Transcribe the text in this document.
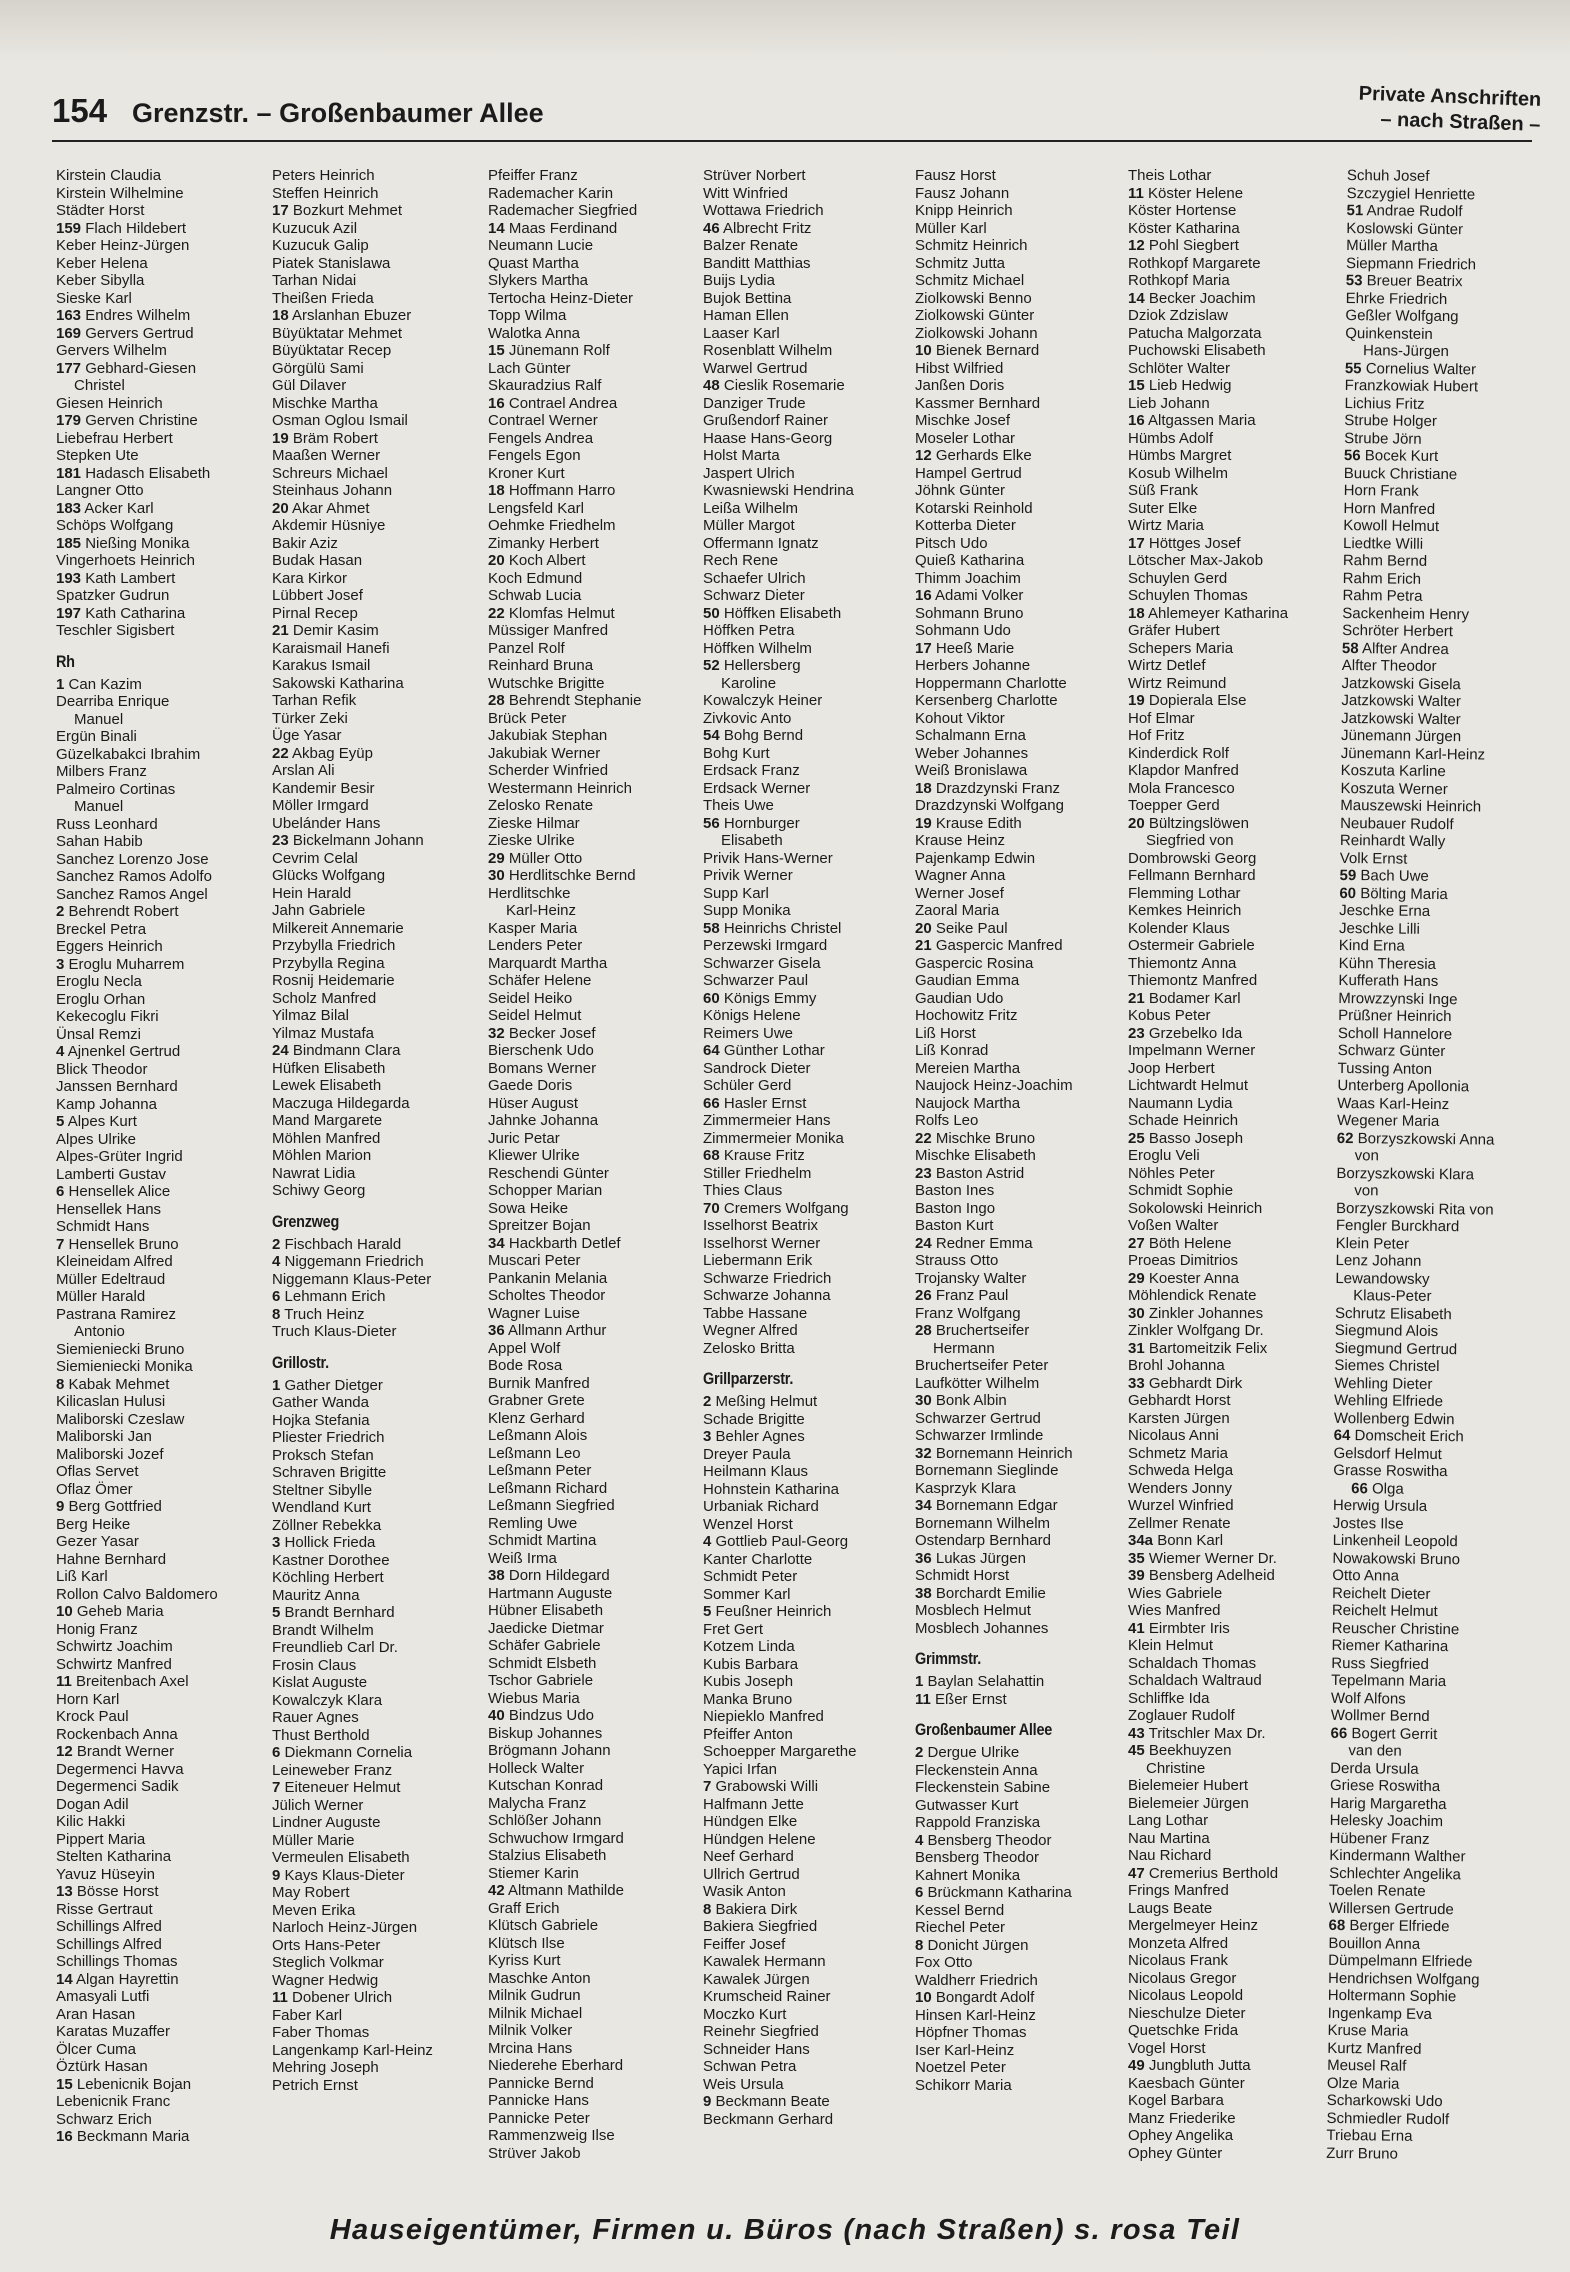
154 Grenzstr. – Großenbaumer Allee
Private Anschriften
– nach Straßen –
Kirstein Claudia
Kirstein Wilhelmine
Städter Horst
159 Flach Hildebert
Keber Heinz-Jürgen
Keber Helena
Keber Sibylla
Sieske Karl
163 Endres Wilhelm
169 Gervers Gertrud
Gervers Wilhelm
177 Gebhard-Giesen
Christel
Giesen Heinrich
179 Gerven Christine
Liebefrau Herbert
Stepken Ute
181 Hadasch Elisabeth
Langner Otto
183 Acker Karl
Schöps Wolfgang
185 Nießing Monika
Vingerhoets Heinrich
193 Kath Lambert
Spatzker Gudrun
197 Kath Catharina
Teschler Sigisbert
Rh
1 Can Kazim
Dearriba Enrique
Manuel
Ergün Binali
Güzelkabakci Ibrahim
Milbers Franz
Palmeiro Cortinas
Manuel
Russ Leonhard
Sahan Habib
Sanchez Lorenzo Jose
Sanchez Ramos Adolfo
Sanchez Ramos Angel
2 Behrendt Robert
Breckel Petra
Eggers Heinrich
3 Eroglu Muharrem
Eroglu Necla
Eroglu Orhan
Kekecoglu Fikri
Ünsal Remzi
4 Ajnenkel Gertrud
Blick Theodor
Janssen Bernhard
Kamp Johanna
5 Alpes Kurt
Alpes Ulrike
Alpes-Grüter Ingrid
Lamberti Gustav
6 Hensellek Alice
Hensellek Hans
Schmidt Hans
7 Hensellek Bruno
Kleineidam Alfred
Müller Edeltraud
Müller Harald
Pastrana Ramirez
Antonio
Siemieniecki Bruno
Siemieniecki Monika
8 Kabak Mehmet
Kilicaslan Hulusi
Maliborski Czeslaw
Maliborski Jan
Maliborski Jozef
Oflas Servet
Oflaz Ömer
9 Berg Gottfried
Berg Heike
Gezer Yasar
Hahne Bernhard
Liß Karl
Rollon Calvo Baldomero
10 Geheb Maria
Honig Franz
Schwirtz Joachim
Schwirtz Manfred
11 Breitenbach Axel
Horn Karl
Krock Paul
Rockenbach Anna
12 Brandt Werner
Degermenci Havva
Degermenci Sadik
Dogan Adil
Kilic Hakki
Pippert Maria
Stelten Katharina
Yavuz Hüseyin
13 Bösse Horst
Risse Gertraut
Schillings Alfred
Schillings Alfred
Schillings Thomas
14 Algan Hayrettin
Amasyali Lutfi
Aran Hasan
Karatas Muzaffer
Ölcer Cuma
Öztürk Hasan
15 Lebenicnik Bojan
Lebenicnik Franc
Schwarz Erich
16 Beckmann Maria
Peters Heinrich
Steffen Heinrich
17 Bozkurt Mehmet
Kuzucuk Azil
Kuzucuk Galip
Piatek Stanislawa
Tarhan Nidai
Theißen Frieda
18 Arslanhan Ebuzer
Büyüktatar Mehmet
Büyüktatar Recep
Görgülü Sami
Gül Dilaver
Mischke Martha
Osman Oglou Ismail
19 Bräm Robert
Maaßen Werner
Schreurs Michael
Steinhaus Johann
20 Akar Ahmet
Akdemir Hüsniye
Bakir Aziz
Budak Hasan
Kara Kirkor
Lübbert Josef
Pirnal Recep
21 Demir Kasim
Karaismail Hanefi
Karakus Ismail
Sakowski Katharina
Tarhan Refik
Türker Zeki
Üge Yasar
22 Akbag Eyüp
Arslan Ali
Kandemir Besir
Möller Irmgard
Ubelánder Hans
23 Bickelmann Johann
Cevrim Celal
Glücks Wolfgang
Hein Harald
Jahn Gabriele
Milkereit Annemarie
Przybylla Friedrich
Przybylla Regina
Rosnij Heidemarie
Scholz Manfred
Yilmaz Bilal
Yilmaz Mustafa
24 Bindmann Clara
Hüfken Elisabeth
Lewek Elisabeth
Maczuga Hildegarda
Mand Margarete
Möhlen Manfred
Möhlen Marion
Nawrat Lidia
Schiwy Georg
Grenzweg
2 Fischbach Harald
4 Niggemann Friedrich
Niggemann Klaus-Peter
6 Lehmann Erich
8 Truch Heinz
Truch Klaus-Dieter
Grillostr.
1 Gather Dietger
Gather Wanda
Hojka Stefania
Pliester Friedrich
Proksch Stefan
Schraven Brigitte
Steltner Sibylle
Wendland Kurt
Zöllner Rebekka
3 Hollick Frieda
Kastner Dorothee
Köchling Herbert
Mauritz Anna
5 Brandt Bernhard
Brandt Wilhelm
Freundlieb Carl Dr.
Frosin Claus
Kislat Auguste
Kowalczyk Klara
Rauer Agnes
Thust Berthold
6 Diekmann Cornelia
Leineweber Franz
7 Eiteneuer Helmut
Jülich Werner
Lindner Auguste
Müller Marie
Vermeulen Elisabeth
9 Kays Klaus-Dieter
May Robert
Meven Erika
Narloch Heinz-Jürgen
Orts Hans-Peter
Steglich Volkmar
Wagner Hedwig
11 Dobener Ulrich
Faber Karl
Faber Thomas
Langenkamp Karl-Heinz
Mehring Joseph
Petrich Ernst
Pfeiffer Franz
Rademacher Karin
Rademacher Siegfried
14 Maas Ferdinand
Neumann Lucie
Quast Martha
Slykers Martha
Tertocha Heinz-Dieter
Topp Wilma
Walotka Anna
15 Jünemann Rolf
Lach Günter
Skauradzius Ralf
16 Contrael Andrea
Contrael Werner
Fengels Andrea
Fengels Egon
Kroner Kurt
18 Hoffmann Harro
Lengsfeld Karl
Oehmke Friedhelm
Zimanky Herbert
20 Koch Albert
Koch Edmund
Schwab Lucia
22 Klomfas Helmut
Müssiger Manfred
Panzel Rolf
Reinhard Bruna
Wutschke Brigitte
28 Behrendt Stephanie
Brück Peter
Jakubiak Stephan
Jakubiak Werner
Scherder Winfried
Westermann Heinrich
Zelosko Renate
Zieske Hilmar
Zieske Ulrike
29 Müller Otto
30 Herdlitschke Bernd
Herdlitschke
Karl-Heinz
Kasper Maria
Lenders Peter
Marquardt Martha
Schäfer Helene
Seidel Heiko
Seidel Helmut
32 Becker Josef
Bierschenk Udo
Bomans Werner
Gaede Doris
Hüser August
Jahnke Johanna
Juric Petar
Kliewer Ulrike
Reschendi Günter
Schopper Marian
Sowa Heike
Spreitzer Bojan
34 Hackbarth Detlef
Muscari Peter
Pankanin Melania
Scholtes Theodor
Wagner Luise
36 Allmann Arthur
Appel Wolf
Bode Rosa
Burnik Manfred
Grabner Grete
Klenz Gerhard
Leßmann Alois
Leßmann Leo
Leßmann Peter
Leßmann Richard
Leßmann Siegfried
Remling Uwe
Schmidt Martina
Weiß Irma
38 Dorn Hildegard
Hartmann Auguste
Hübner Elisabeth
Jaedicke Dietmar
Schäfer Gabriele
Schmidt Elsbeth
Tschor Gabriele
Wiebus Maria
40 Bindzus Udo
Biskup Johannes
Brögmann Johann
Holleck Walter
Kutschan Konrad
Malycha Franz
Schlößer Johann
Schwuchow Irmgard
Stalzius Elisabeth
Stiemer Karin
42 Altmann Mathilde
Graff Erich
Klütsch Gabriele
Klütsch Ilse
Kyriss Kurt
Maschke Anton
Milnik Gudrun
Milnik Michael
Milnik Volker
Mrcina Hans
Niederehe Eberhard
Pannicke Bernd
Pannicke Hans
Pannicke Peter
Rammenzweig Ilse
Strüver Jakob
Strüver Norbert
Witt Winfried
Wottawa Friedrich
46 Albrecht Fritz
Balzer Renate
Banditt Matthias
Buijs Lydia
Bujok Bettina
Haman Ellen
Laaser Karl
Rosenblatt Wilhelm
Warwel Gertrud
48 Cieslik Rosemarie
Danziger Trude
Grußendorf Rainer
Haase Hans-Georg
Holst Marta
Jaspert Ulrich
Kwasniewski Hendrina
Leißa Wilhelm
Müller Margot
Offermann Ignatz
Rech Rene
Schaefer Ulrich
Schwarz Dieter
50 Höffken Elisabeth
Höffken Petra
Höffken Wilhelm
52 Hellersberg
Karoline
Kowalczyk Heiner
Zivkovic Anto
54 Bohg Bernd
Bohg Kurt
Erdsack Franz
Erdsack Werner
Theis Uwe
56 Hornburger
Elisabeth
Privik Hans-Werner
Privik Werner
Supp Karl
Supp Monika
58 Heinrichs Christel
Perzewski Irmgard
Schwarzer Gisela
Schwarzer Paul
60 Königs Emmy
Königs Helene
Reimers Uwe
64 Günther Lothar
Sandrock Dieter
Schüler Gerd
66 Hasler Ernst
Zimmermeier Hans
Zimmermeier Monika
68 Krause Fritz
Stiller Friedhelm
Thies Claus
70 Cremers Wolfgang
Isselhorst Beatrix
Isselhorst Werner
Liebermann Erik
Schwarze Friedrich
Schwarze Johanna
Tabbe Hassane
Wegner Alfred
Zelosko Britta
Grillparzerstr.
2 Meßing Helmut
Schade Brigitte
3 Behler Agnes
Dreyer Paula
Heilmann Klaus
Hohnstein Katharina
Urbaniak Richard
Wenzel Horst
4 Gottlieb Paul-Georg
Kanter Charlotte
Schmidt Peter
Sommer Karl
5 Feußner Heinrich
Fret Gert
Kotzem Linda
Kubis Barbara
Kubis Joseph
Manka Bruno
Niepieklo Manfred
Pfeiffer Anton
Schoepper Margarethe
Yapici Irfan
7 Grabowski Willi
Halfmann Jette
Hündgen Elke
Hündgen Helene
Neef Gerhard
Ullrich Gertrud
Wasik Anton
8 Bakiera Dirk
Bakiera Siegfried
Feiffer Josef
Kawalek Hermann
Kawalek Jürgen
Krumscheid Rainer
Moczko Kurt
Reinehr Siegfried
Schneider Hans
Schwan Petra
Weis Ursula
9 Beckmann Beate
Beckmann Gerhard
Fausz Horst
Fausz Johann
Knipp Heinrich
Müller Karl
Schmitz Heinrich
Schmitz Jutta
Schmitz Michael
Ziolkowski Benno
Ziolkowski Günter
Ziolkowski Johann
10 Bienek Bernard
Hibst Wilfried
Janßen Doris
Kassmer Bernhard
Mischke Josef
Moseler Lothar
12 Gerhards Elke
Hampel Gertrud
Jöhnk Günter
Kotarski Reinhold
Kotterba Dieter
Pitsch Udo
Quieß Katharina
Thimm Joachim
16 Adami Volker
Sohmann Bruno
Sohmann Udo
17 Heeß Marie
Herbers Johanne
Hoppermann Charlotte
Kersenberg Charlotte
Kohout Viktor
Schalmann Erna
Weber Johannes
Weiß Bronislawa
18 Drazdzynski Franz
Drazdzynski Wolfgang
19 Krause Edith
Krause Heinz
Pajenkamp Edwin
Wagner Anna
Werner Josef
Zaoral Maria
20 Seike Paul
21 Gaspercic Manfred
Gaspercic Rosina
Gaudian Emma
Gaudian Udo
Hochowitz Fritz
Liß Horst
Liß Konrad
Mereien Martha
Naujock Heinz-Joachim
Naujock Martha
Rolfs Leo
22 Mischke Bruno
Mischke Elisabeth
23 Baston Astrid
Baston Ines
Baston Ingo
Baston Kurt
24 Redner Emma
Strauss Otto
Trojansky Walter
26 Franz Paul
Franz Wolfgang
28 Bruchertseifer
Hermann
Bruchertseifer Peter
Laufkötter Wilhelm
30 Bonk Albin
Schwarzer Gertrud
Schwarzer Irmlinde
32 Bornemann Heinrich
Bornemann Sieglinde
Kasprzyk Klara
34 Bornemann Edgar
Bornemann Wilhelm
Ostendarp Bernhard
36 Lukas Jürgen
Schmidt Horst
38 Borchardt Emilie
Mosblech Helmut
Mosblech Johannes
Grimmstr.
1 Baylan Selahattin
11 Eßer Ernst
Großenbaumer Allee
2 Dergue Ulrike
Fleckenstein Anna
Fleckenstein Sabine
Gutwasser Kurt
Rappold Franziska
4 Bensberg Theodor
Bensberg Theodor
Kahnert Monika
6 Brückmann Katharina
Kessel Bernd
Riechel Peter
8 Donicht Jürgen
Fox Otto
Waldherr Friedrich
10 Bongardt Adolf
Hinsen Karl-Heinz
Höpfner Thomas
Iser Karl-Heinz
Noetzel Peter
Schikorr Maria
Theis Lothar
11 Köster Helene
Köster Hortense
Köster Katharina
12 Pohl Siegbert
Rothkopf Margarete
Rothkopf Maria
14 Becker Joachim
Dziok Zdzislaw
Patucha Malgorzata
Puchowski Elisabeth
Schlöter Walter
15 Lieb Hedwig
Lieb Johann
16 Altgassen Maria
Hümbs Adolf
Hümbs Margret
Kosub Wilhelm
Süß Frank
Suter Elke
Wirtz Maria
17 Höttges Josef
Lötscher Max-Jakob
Schuylen Gerd
Schuylen Thomas
18 Ahlemeyer Katharina
Gräfer Hubert
Schepers Maria
Wirtz Detlef
Wirtz Reimund
19 Dopierala Else
Hof Elmar
Hof Fritz
Kinderdick Rolf
Klapdor Manfred
Mola Francesco
Toepper Gerd
20 Bültzingslöwen
Siegfried von
Dombrowski Georg
Fellmann Bernhard
Flemming Lothar
Kemkes Heinrich
Kolender Klaus
Ostermeir Gabriele
Thiemontz Anna
Thiemontz Manfred
21 Bodamer Karl
Kobus Peter
23 Grzebelko Ida
Impelmann Werner
Joop Herbert
Lichtwardt Helmut
Naumann Lydia
Schade Heinrich
25 Basso Joseph
Eroglu Veli
Nöhles Peter
Schmidt Sophie
Sokolowski Heinrich
Voßen Walter
27 Böth Helene
Proeas Dimitrios
29 Koester Anna
Möhlendick Renate
30 Zinkler Johannes
Zinkler Wolfgang Dr.
31 Bartomeitzik Felix
Brohl Johanna
33 Gebhardt Dirk
Gebhardt Horst
Karsten Jürgen
Nicolaus Anni
Schmetz Maria
Schweda Helga
Wenders Jonny
Wurzel Winfried
Zellmer Renate
34a Bonn Karl
35 Wiemer Werner Dr.
39 Bensberg Adelheid
Wies Gabriele
Wies Manfred
41 Eirmbter Iris
Klein Helmut
Schaldach Thomas
Schaldach Waltraud
Schliffke Ida
Zoglauer Rudolf
43 Tritschler Max Dr.
45 Beekhuyzen
Christine
Bielemeier Hubert
Bielemeier Jürgen
Lang Lothar
Nau Martina
Nau Richard
47 Cremerius Berthold
Frings Manfred
Laugs Beate
Mergelmeyer Heinz
Monzeta Alfred
Nicolaus Frank
Nicolaus Gregor
Nicolaus Leopold
Nieschulze Dieter
Quetschke Frida
Vogel Horst
49 Jungbluth Jutta
Kaesbach Günter
Kogel Barbara
Manz Friederike
Ophey Angelika
Ophey Günter
Schuh Josef
Szczygiel Henriette
51 Andrae Rudolf
Koslowski Günter
Müller Martha
Siepmann Friedrich
53 Breuer Beatrix
Ehrke Friedrich
Geßler Wolfgang
Quinkenstein
Hans-Jürgen
55 Cornelius Walter
Franzkowiak Hubert
Lichius Fritz
Strube Holger
Strube Jörn
56 Bocek Kurt
Buuck Christiane
Horn Frank
Horn Manfred
Kowoll Helmut
Liedtke Willi
Rahm Bernd
Rahm Erich
Rahm Petra
Sackenheim Henry
Schröter Herbert
58 Alfter Andrea
Alfter Theodor
Jatzkowski Gisela
Jatzkowski Walter
Jatzkowski Walter
Jünemann Jürgen
Jünemann Karl-Heinz
Koszuta Karline
Koszuta Werner
Mauszewski Heinrich
Neubauer Rudolf
Reinhardt Wally
Volk Ernst
59 Bach Uwe
60 Bölting Maria
Jeschke Erna
Jeschke Lilli
Kind Erna
Kühn Theresia
Kufferath Hans
Mrowzzynski Inge
Prüßner Heinrich
Scholl Hannelore
Schwarz Günter
Tussing Anton
Unterberg Apollonia
Waas Karl-Heinz
Wegener Maria
62 Borzyszkowski Anna
von
Borzyszkowski Klara
von
Borzyszkowski Rita von
Fengler Burckhard
Klein Peter
Lenz Johann
Lewandowsky
Klaus-Peter
Schrutz Elisabeth
Siegmund Alois
Siegmund Gertrud
Siemes Christel
Wehling Dieter
Wehling Elfriede
Wollenberg Edwin
64 Domscheit Erich
Gelsdorf Helmut
Grasse Roswitha
66 Olga
Herwig Ursula
Jostes Ilse
Linkenheil Leopold
Nowakowski Bruno
Otto Anna
Reichelt Dieter
Reichelt Helmut
Reuscher Christine
Riemer Katharina
Russ Siegfried
Tepelmann Maria
Wolf Alfons
Wollmer Bernd
66 Bogert Gerrit
van den
Derda Ursula
Griese Roswitha
Harig Margaretha
Helesky Joachim
Hübener Franz
Kindermann Walther
Schlechter Angelika
Toelen Renate
Willersen Gertrude
68 Berger Elfriede
Bouillon Anna
Dümpelmann Elfriede
Hendrichsen Wolfgang
Holtermann Sophie
Ingenkamp Eva
Kruse Maria
Kurtz Manfred
Meusel Ralf
Olze Maria
Scharkowski Udo
Schmiedler Rudolf
Triebau Erna
Zurr Bruno
Hauseigentümer, Firmen u. Büros (nach Straßen) s. rosa Teil
